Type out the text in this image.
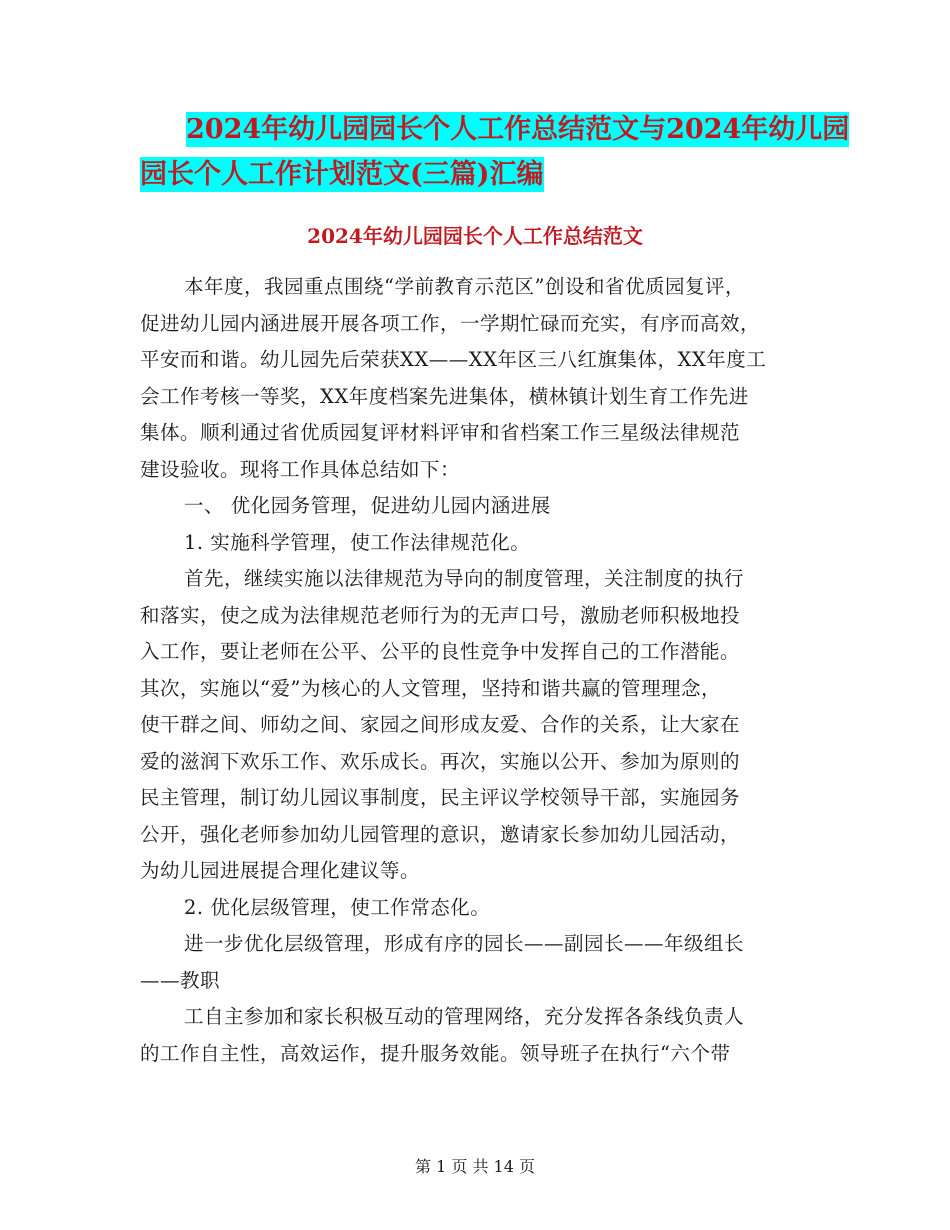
2024年幼儿园园长个人工作总结范文与2024年幼儿园
园长个人工作计划范文(三篇)汇编
2024年幼儿园园长个人工作总结范文
本年度，我园重点围绕“学前教育示范区”创设和省优质园复评，
促进幼儿园内涵进展开展各项工作，一学期忙碌而充实，有序而高效，
平安而和谐。幼儿园先后荣获XX——XX年区三八红旗集体，XX年度工
会工作考核一等奖，XX年度档案先进集体，横林镇计划生育工作先进
集体。顺利通过省优质园复评材料评审和省档案工作三星级法律规范
建设验收。现将工作具体总结如下：
一、 优化园务管理，促进幼儿园内涵进展
1. 实施科学管理，使工作法律规范化。
首先，继续实施以法律规范为导向的制度管理，关注制度的执行
和落实，使之成为法律规范老师行为的无声口号，激励老师积极地投
入工作，要让老师在公平、公平的良性竞争中发挥自己的工作潜能。
其次，实施以“爱”为核心的人文管理，坚持和谐共赢的管理理念，
使干群之间、师幼之间、家园之间形成友爱、合作的关系，让大家在
爱的滋润下欢乐工作、欢乐成长。再次，实施以公开、参加为原则的
民主管理，制订幼儿园议事制度，民主评议学校领导干部，实施园务
公开，强化老师参加幼儿园管理的意识，邀请家长参加幼儿园活动，
为幼儿园进展提合理化建议等。
2. 优化层级管理，使工作常态化。
进一步优化层级管理，形成有序的园长——副园长——年级组长
——教职
工自主参加和家长积极互动的管理网络，充分发挥各条线负责人
的工作自主性，高效运作，提升服务效能。领导班子在执行“六个带
第 1 页 共 14 页
